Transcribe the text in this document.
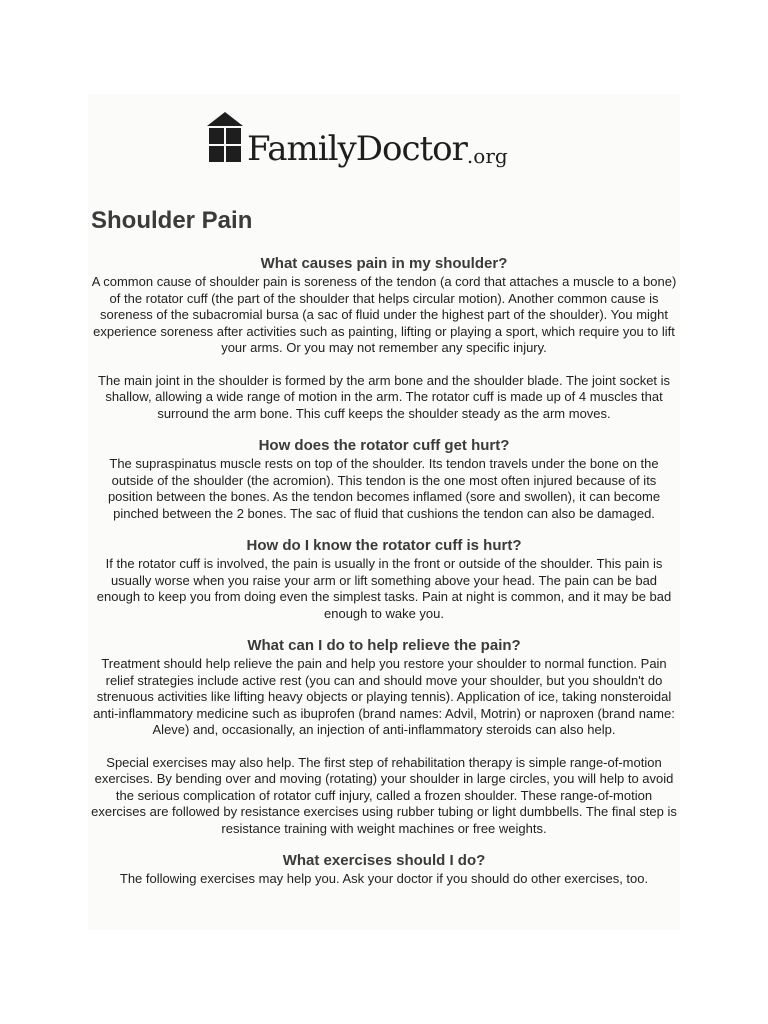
FamilyDoctor .org
Shoulder Pain
What causes pain in my shoulder?

A common cause of shoulder pain is soreness of the tendon (a cord that attaches a muscle to a bone) of the rotator cuff (the part of the shoulder that helps circular motion). Another common cause is soreness of the subacromial bursa (a sac of fluid under the highest part of the shoulder). You might experience soreness after activities such as painting, lifting or playing a sport, which require you to lift your arms. Or you may not remember any specific injury.

The main joint in the shoulder is formed by the arm bone and the shoulder blade. The joint socket is shallow, allowing a wide range of motion in the arm. The rotator cuff is made up of 4 muscles that surround the arm bone. This cuff keeps the shoulder steady as the arm moves.

How does the rotator cuff get hurt?

The supraspinatus muscle rests on top of the shoulder. Its tendon travels under the bone on the outside of the shoulder (the acromion). This tendon is the one most often injured because of its position between the bones. As the tendon becomes inflamed (sore and swollen), it can become pinched between the 2 bones. The sac of fluid that cushions the tendon can also be damaged.

How do I know the rotator cuff is hurt?

If the rotator cuff is involved, the pain is usually in the front or outside of the shoulder. This pain is usually worse when you raise your arm or lift something above your head. The pain can be bad enough to keep you from doing even the simplest tasks. Pain at night is common, and it may be bad enough to wake you.

What can I do to help relieve the pain?

Treatment should help relieve the pain and help you restore your shoulder to normal function. Pain relief strategies include active rest (you can and should move your shoulder, but you shouldn't do strenuous activities like lifting heavy objects or playing tennis). Application of ice, taking nonsteroidal anti-inflammatory medicine such as ibuprofen (brand names: Advil, Motrin) or naproxen (brand name: Aleve) and, occasionally, an injection of anti-inflammatory steroids can also help.

Special exercises may also help. The first step of rehabilitation therapy is simple range-of-motion exercises. By bending over and moving (rotating) your shoulder in large circles, you will help to avoid the serious complication of rotator cuff injury, called a frozen shoulder. These range-of-motion exercises are followed by resistance exercises using rubber tubing or light dumbbells. The final step is resistance training with weight machines or free weights.

What exercises should I do?

The following exercises may help you. Ask your doctor if you should do other exercises, too.
